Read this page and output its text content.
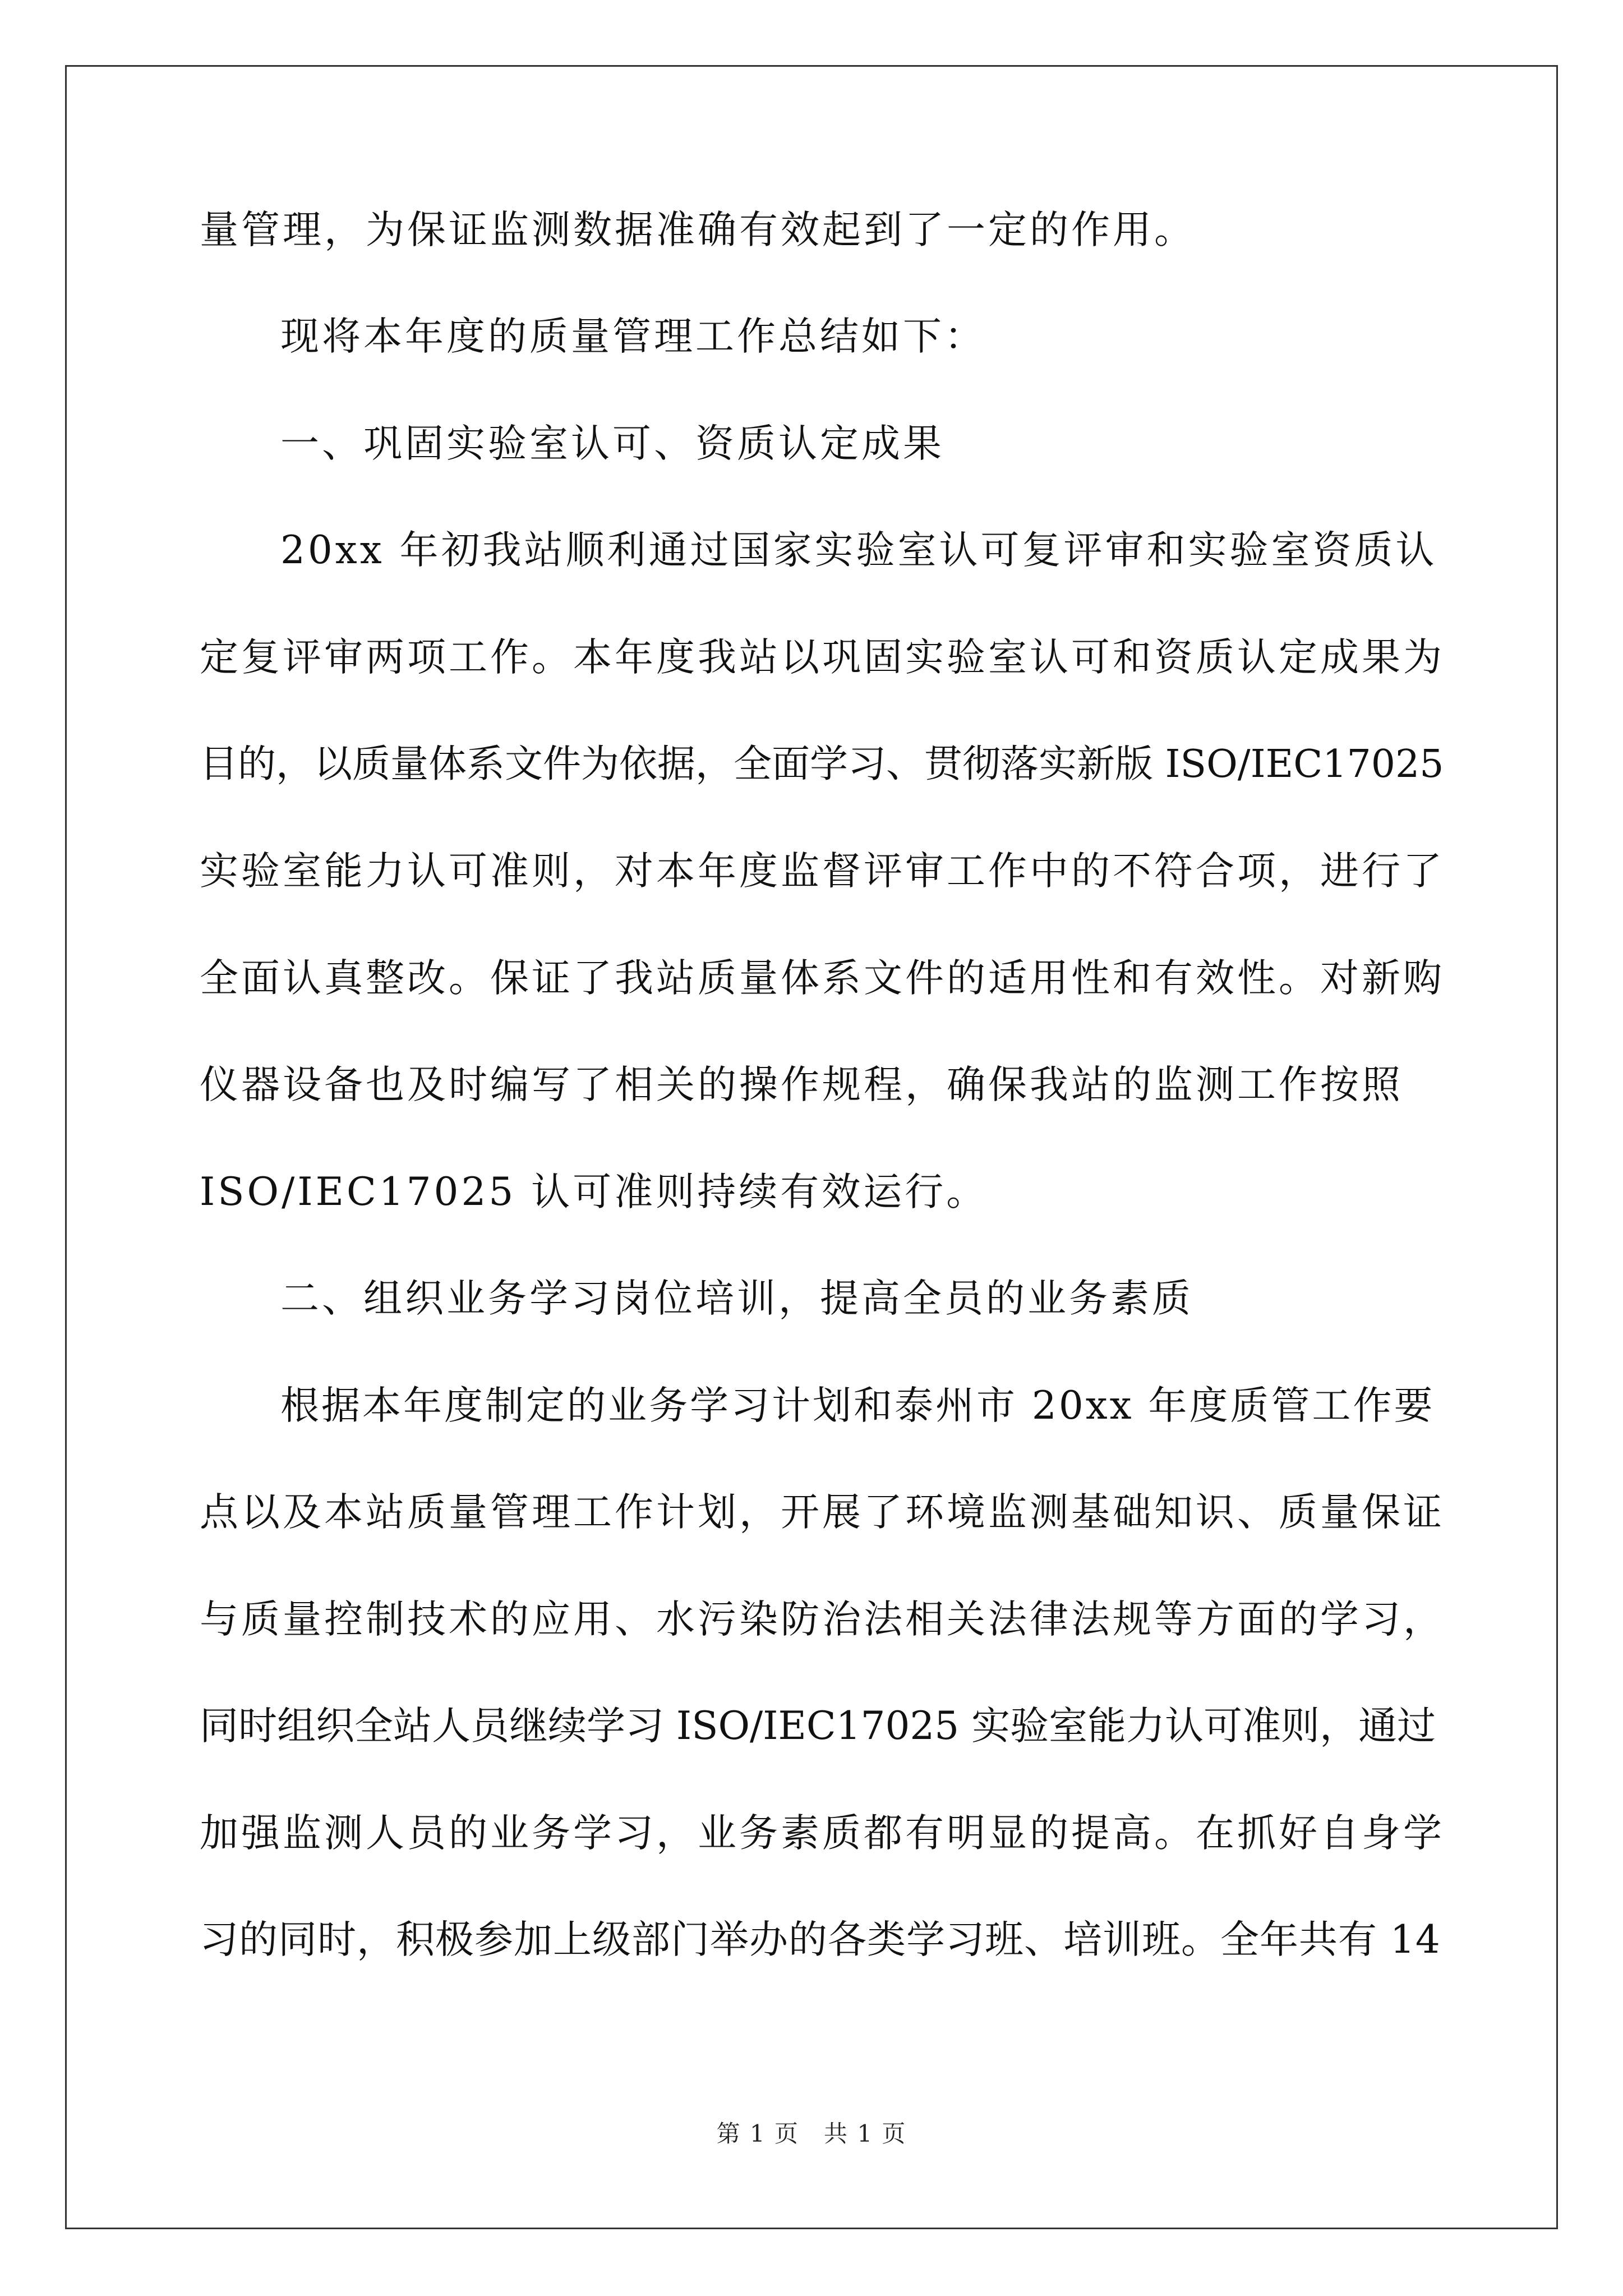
量管理，为保证监测数据准确有效起到了一定的作用。
现将本年度的质量管理工作总结如下：
一、巩固实验室认可、资质认定成果
20xx 年初我站顺利通过国家实验室认可复评审和实验室资质认
定复评审两项工作。本年度我站以巩固实验室认可和资质认定成果为
目的，以质量体系文件为依据，全面学习、贯彻落实新版 ISO/IEC17025
实验室能力认可准则，对本年度监督评审工作中的不符合项，进行了
全面认真整改。保证了我站质量体系文件的适用性和有效性。对新购
仪器设备也及时编写了相关的操作规程，确保我站的监测工作按照
ISO/IEC17025 认可准则持续有效运行。
二、组织业务学习岗位培训，提高全员的业务素质
根据本年度制定的业务学习计划和泰州市 20xx 年度质管工作要
点以及本站质量管理工作计划，开展了环境监测基础知识、质量保证
与质量控制技术的应用、水污染防治法相关法律法规等方面的学习，
同时组织全站人员继续学习 ISO/IEC17025 实验室能力认可准则，通过
加强监测人员的业务学习，业务素质都有明显的提高。在抓好自身学
习的同时，积极参加上级部门举办的各类学习班、培训班。全年共有 14
第 1 页　共 1 页
